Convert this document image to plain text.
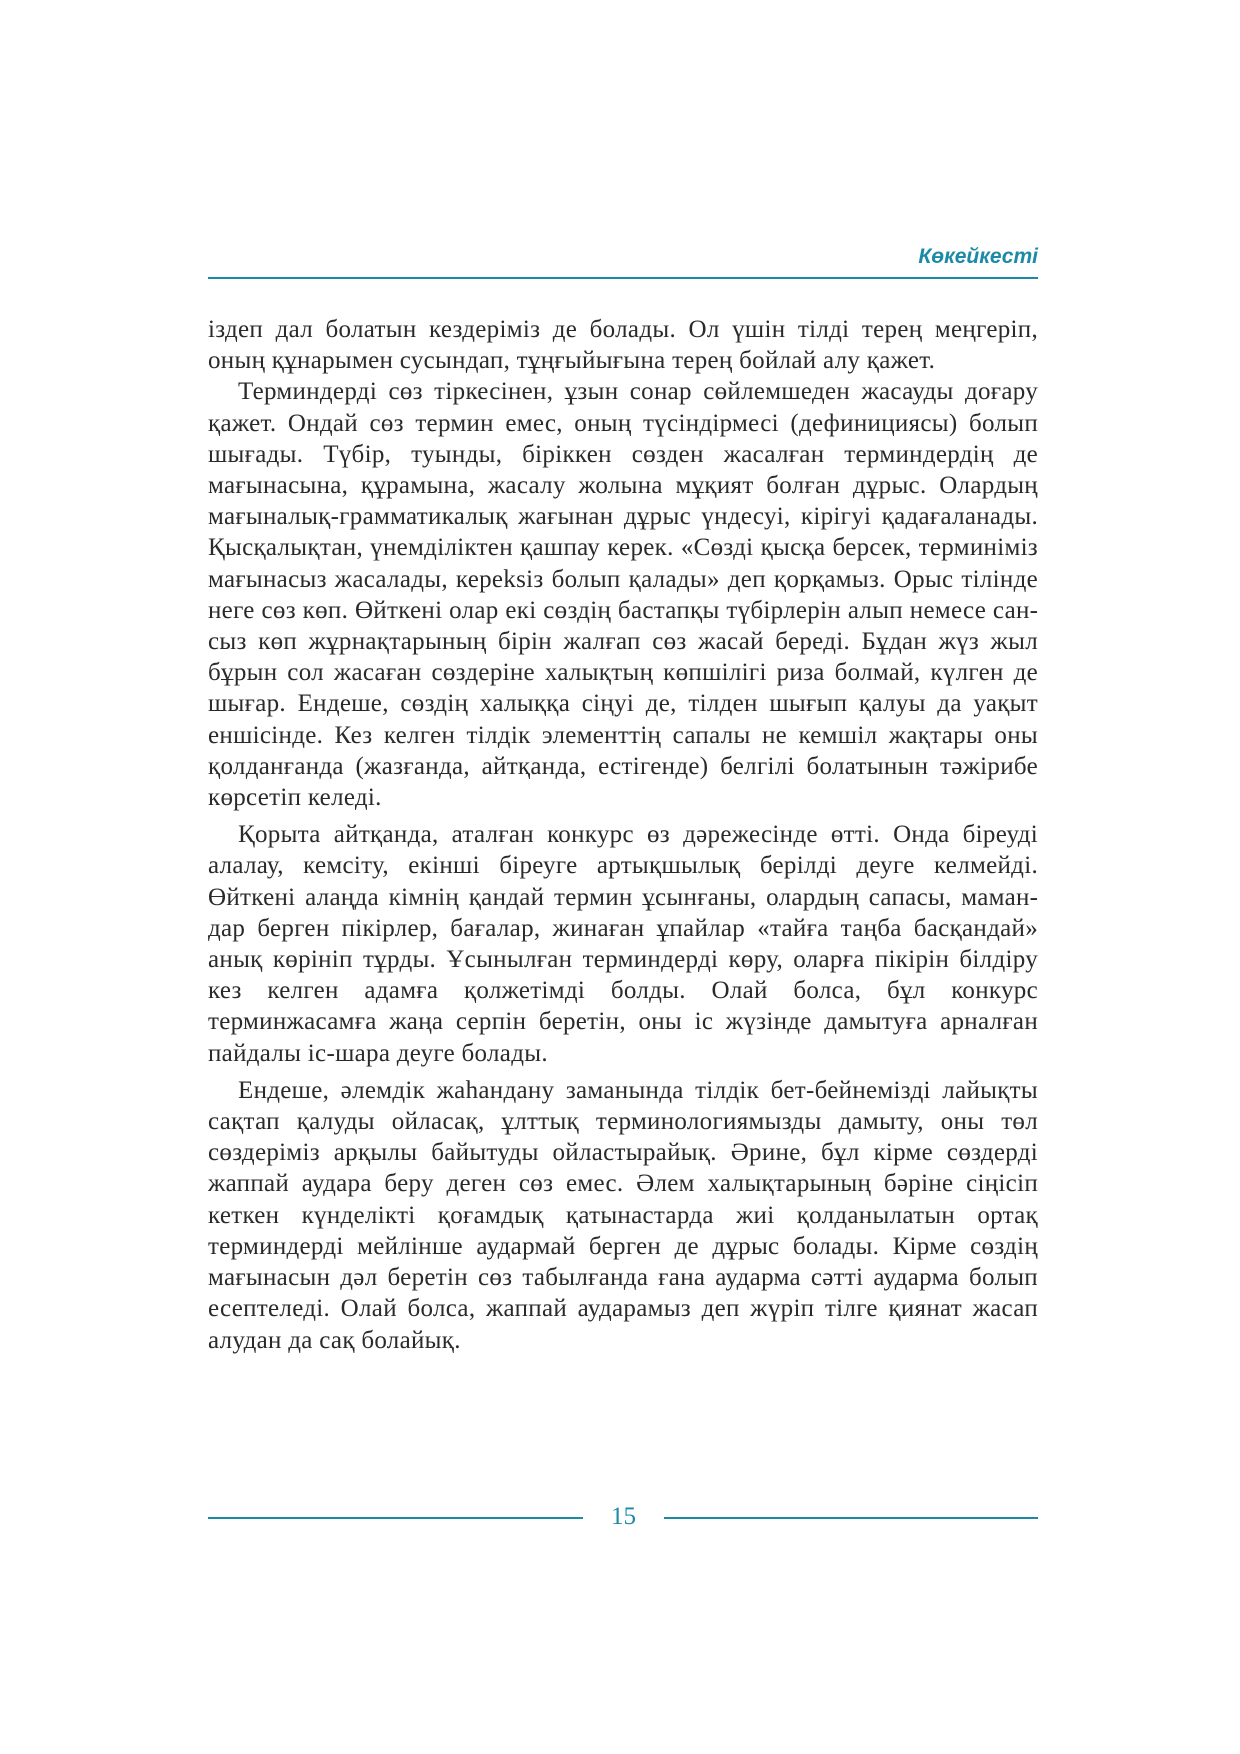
Көкейкесті

іздеп дал болатын кездеріміз де болады. Ол үшін тілді терең меңгеріп, оның құнарымен сусындап, тұңғыйығына терең бойлай алу қажет.

Терминдерді сөз тіркесінен, ұзын сонар сөйлемшеден жасауды доғару қажет. Ондай сөз термин емес, оның түсіндірмесі (дефинициясы) болып шығады. Түбір, туынды, біріккен сөзден жасалған терминдердің де мағынасына, құрамына, жасалу жолына мұқият болған дұрыс. Олардың мағыналық-грамматикалық жағынан дұрыс үндесуі, кірігуі қадағаланады. Қысқалықтан, үнемділіктен қашпау керек. «Сөзді қысқа берсек, терминіміз мағынасыз жасалады, кереksіз болып қалады» деп қорқамыз. Орыс тілінде неге сөз көп. Өйткені олар екі сөздің бастапқы түбірлерін алып немесе сансыз көп жұрнақтарының бірін жалғап сөз жасай береді. Бұдан жүз жыл бұрын сол жасаған сөздеріне халықтың көпшілігі риза болмай, күлген де шығар. Ендеше, сөздің халыққа сіңуі де, тілден шығып қалуы да уақыт еншісінде. Кез келген тілдік элементтің сапалы не кемшіл жақтары оны қолданғанда (жазғанда, айтқанда, естігенде) белгілі болатынын тәжірибе көрсетіп келеді.

Қорыта айтқанда, аталған конкурс өз дәрежесінде өтті. Онда біреуді алалау, кемсіту, екінші біреуге артықшылық берілді деуге келмейді. Өйткені алаңда кімнің қандай термин ұсынғаны, олардың сапасы, мамандар берген пікірлер, бағалар, жинаған ұпайлар «тайға таңба басқандай» анық көрініп тұрды. Ұсынылған терминдерді көру, оларға пікірін білдіру кез келген адамға қолжетімді болды. Олай болса, бұл конкурс терминжасамға жаңа серпін беретін, оны іс жүзінде дамытуға арналған пайдалы іс-шара деуге болады.

Ендеше, әлемдік жаһандану заманында тілдік бет-бейнемізді лайықты сақтап қалуды ойласақ, ұлттық терминологиямызды дамыту, оны төл сөздеріміз арқылы байытуды ойластырайық. Әрине, бұл кірме сөздерді жаппай аудара беру деген сөз емес. Әлем халықтарының бәріне сіңісіп кеткен күнделікті қоғамдық қатынастарда жиі қолданылатын ортақ терминдерді мейлінше аудармай берген де дұрыс болады. Кірме сөздің мағынасын дәл беретін сөз табылғанда ғана аударма сәтті аударма болып есептеледі. Олай болса, жаппай аударамыз деп жүріп тілге қиянат жасап алудан да сақ болайық.

15
